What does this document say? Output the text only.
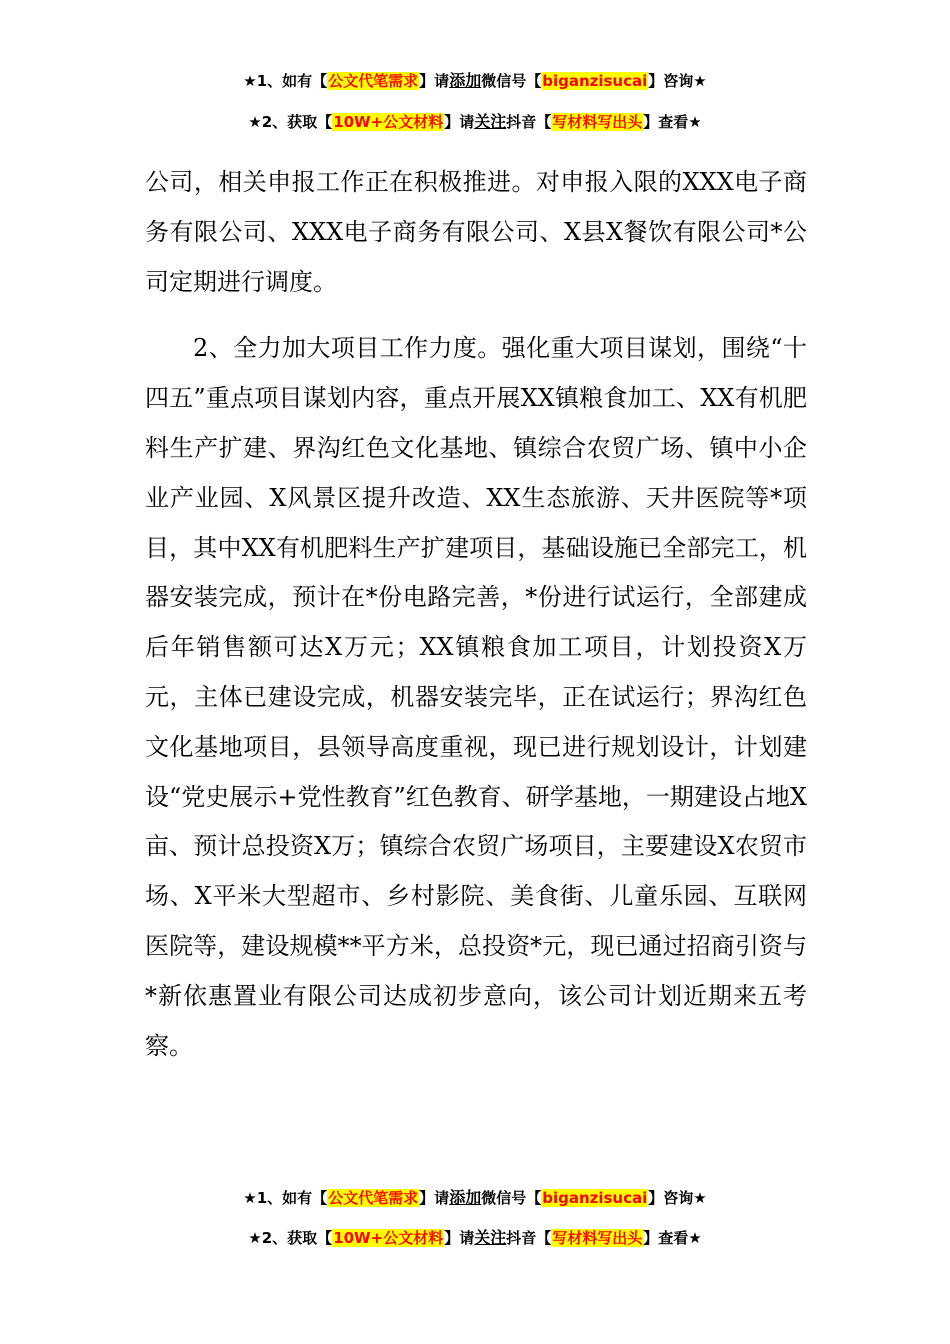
★1、如有【公文代笔需求】请添加微信号【biganzisucai】咨询★
★2、获取【10W+公文材料】请关注抖音【写材料写出头】查看★

公司，相关申报工作正在积极推进。对申报入限的XXX电子商务有限公司、XXX电子商务有限公司、X县X餐饮有限公司*公司定期进行调度。

2、全力加大项目工作力度。强化重大项目谋划，围绕“十四五”重点项目谋划内容，重点开展XX镇粮食加工、XX有机肥料生产扩建、界沟红色文化基地、镇综合农贸广场、镇中小企业产业园、X风景区提升改造、XX生态旅游、天井医院等*项目，其中XX有机肥料生产扩建项目，基础设施已全部完工，机器安装完成，预计在*份电路完善，*份进行试运行，全部建成后年销售额可达X万元；XX镇粮食加工项目，计划投资X万元，主体已建设完成，机器安装完毕，正在试运行；界沟红色文化基地项目，县领导高度重视，现已进行规划设计，计划建设“党史展示+党性教育”红色教育、研学基地，一期建设占地X亩、预计总投资X万；镇综合农贸广场项目，主要建设X农贸市场、X平米大型超市、乡村影院、美食街、儿童乐园、互联网医院等，建设规模**平方米，总投资*元，现已通过招商引资与*新依惠置业有限公司达成初步意向，该公司计划近期来五考察。

★1、如有【公文代笔需求】请添加微信号【biganzisucai】咨询★
★2、获取【10W+公文材料】请关注抖音【写材料写出头】查看★
